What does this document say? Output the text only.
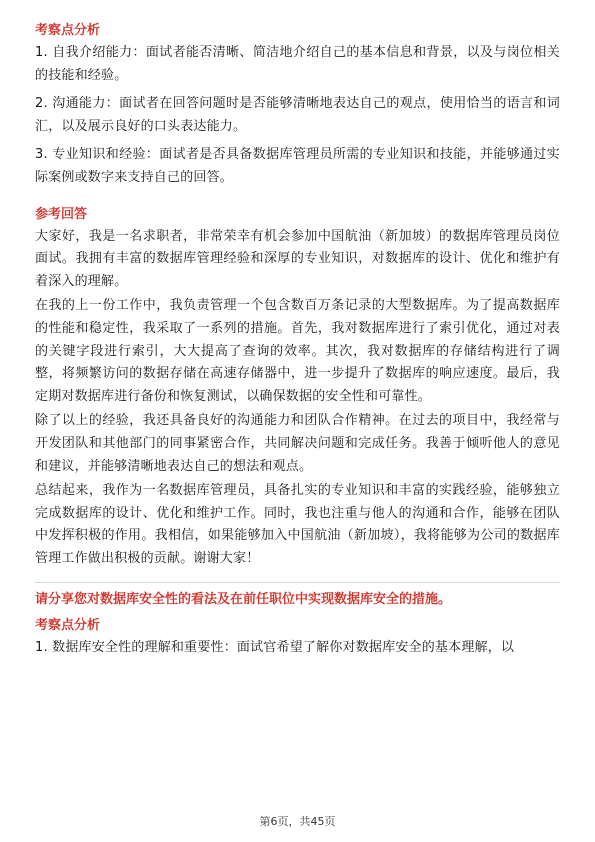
考察点分析

1. 自我介绍能力：面试者能否清晰、简洁地介绍自己的基本信息和背景，以及与岗位相关的技能和经验。

2. 沟通能力：面试者在回答问题时是否能够清晰地表达自己的观点，使用恰当的语言和词汇，以及展示良好的口头表达能力。

3. 专业知识和经验：面试者是否具备数据库管理员所需的专业知识和技能，并能够通过实际案例或数字来支持自己的回答。

参考回答

大家好，我是一名求职者，非常荣幸有机会参加中国航油（新加坡）的数据库管理员岗位面试。我拥有丰富的数据库管理经验和深厚的专业知识，对数据库的设计、优化和维护有着深入的理解。

在我的上一份工作中，我负责管理一个包含数百万条记录的大型数据库。为了提高数据库的性能和稳定性，我采取了一系列的措施。首先，我对数据库进行了索引优化，通过对表的关键字段进行索引，大大提高了查询的效率。其次，我对数据库的存储结构进行了调整，将频繁访问的数据存储在高速存储器中，进一步提升了数据库的响应速度。最后，我定期对数据库进行备份和恢复测试，以确保数据的安全性和可靠性。

除了以上的经验，我还具备良好的沟通能力和团队合作精神。在过去的项目中，我经常与开发团队和其他部门的同事紧密合作，共同解决问题和完成任务。我善于倾听他人的意见和建议，并能够清晰地表达自己的想法和观点。

总结起来，我作为一名数据库管理员，具备扎实的专业知识和丰富的实践经验，能够独立完成数据库的设计、优化和维护工作。同时，我也注重与他人的沟通和合作，能够在团队中发挥积极的作用。我相信，如果能够加入中国航油（新加坡），我将能够为公司的数据库管理工作做出积极的贡献。谢谢大家！

请分享您对数据库安全性的看法及在前任职位中实现数据库安全的措施。
考察点分析

1. 数据库安全性的理解和重要性：面试官希望了解你对数据库安全的基本理解，以

第6页，共45页
